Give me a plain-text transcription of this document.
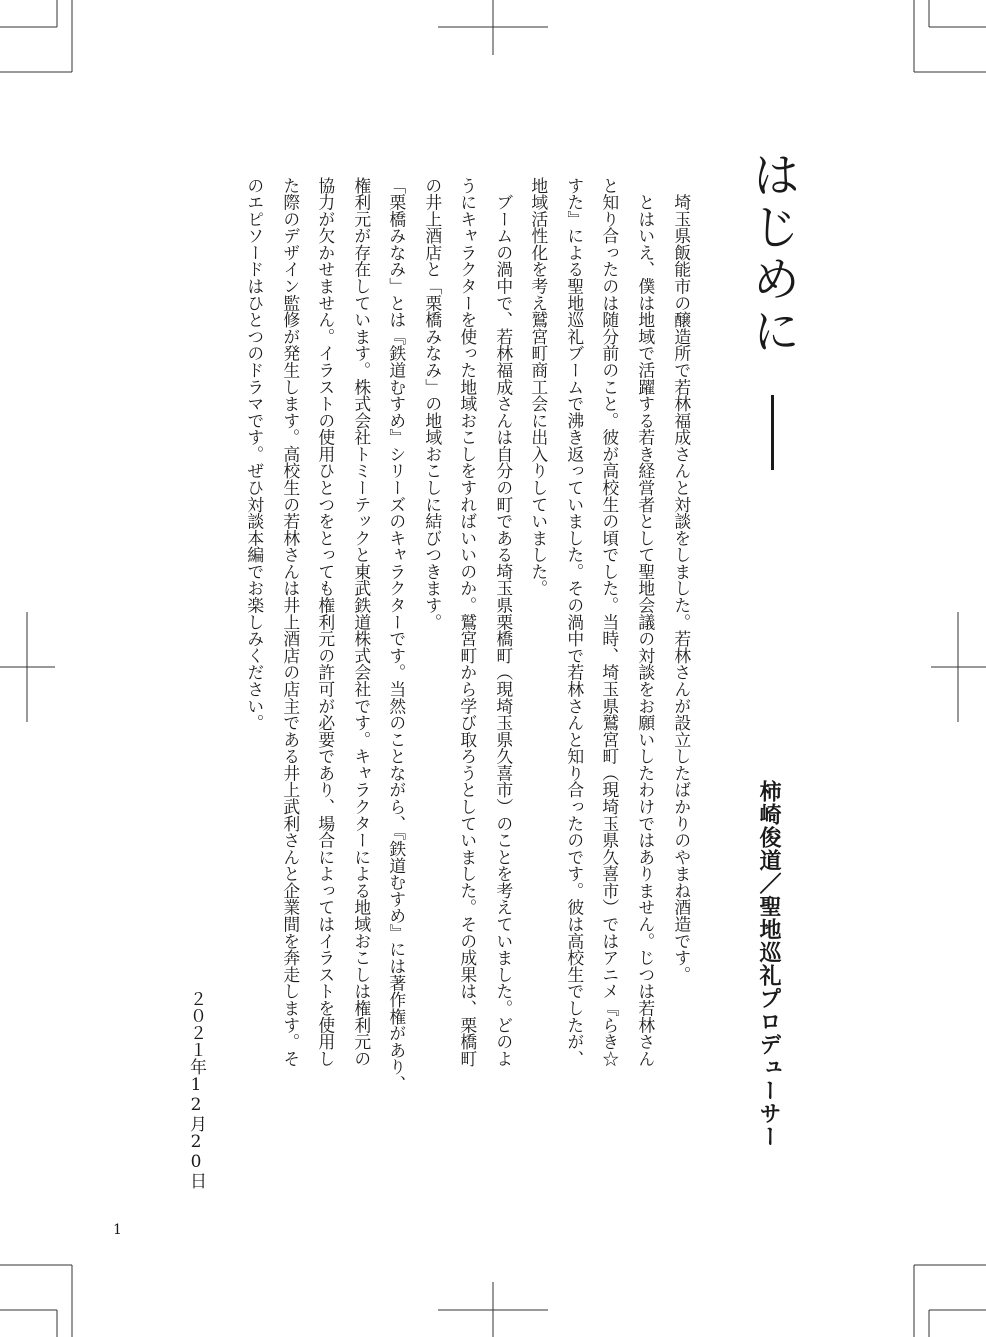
はじめに
柿崎俊道／聖地巡礼プロデューサー
　埼玉県飯能市の醸造所で若林福成さんと対談をしました。若林さんが設立したばかりのやまね酒造です。
　とはいえ、僕は地域で活躍する若き経営者として聖地会議の対談をお願いしたわけではありません。じつは若林さん
と知り合ったのは随分前のこと。彼が高校生の頃でした。当時、埼玉県鷲宮町（現埼玉県久喜市）ではアニメ『らき☆
すた』による聖地巡礼ブームで沸き返っていました。その渦中で若林さんと知り合ったのです。彼は高校生でしたが、
地域活性化を考え鷲宮町商工会に出入りしていました。
　ブームの渦中で、若林福成さんは自分の町である埼玉県栗橋町（現埼玉県久喜市）のことを考えていました。どのよ
うにキャラクターを使った地域おこしをすればいいのか。鷲宮町から学び取ろうとしていました。その成果は、栗橋町
の井上酒店と「栗橋みなみ」の地域おこしに結びつきます。
「栗橋みなみ」とは『鉄道むすめ』シリーズのキャラクターです。当然のことながら、『鉄道むすめ』には著作権があり、
権利元が存在しています。株式会社トミーテックと東武鉄道株式会社です。キャラクターによる地域おこしは権利元の
協力が欠かせません。イラストの使用ひとつをとっても権利元の許可が必要であり、場合によってはイラストを使用し
た際のデザイン監修が発生します。高校生の若林さんは井上酒店の店主である井上武利さんと企業間を奔走します。そ
のエピソードはひとつのドラマです。ぜひ対談本編でお楽しみください。
２０２１年12月20日
1
